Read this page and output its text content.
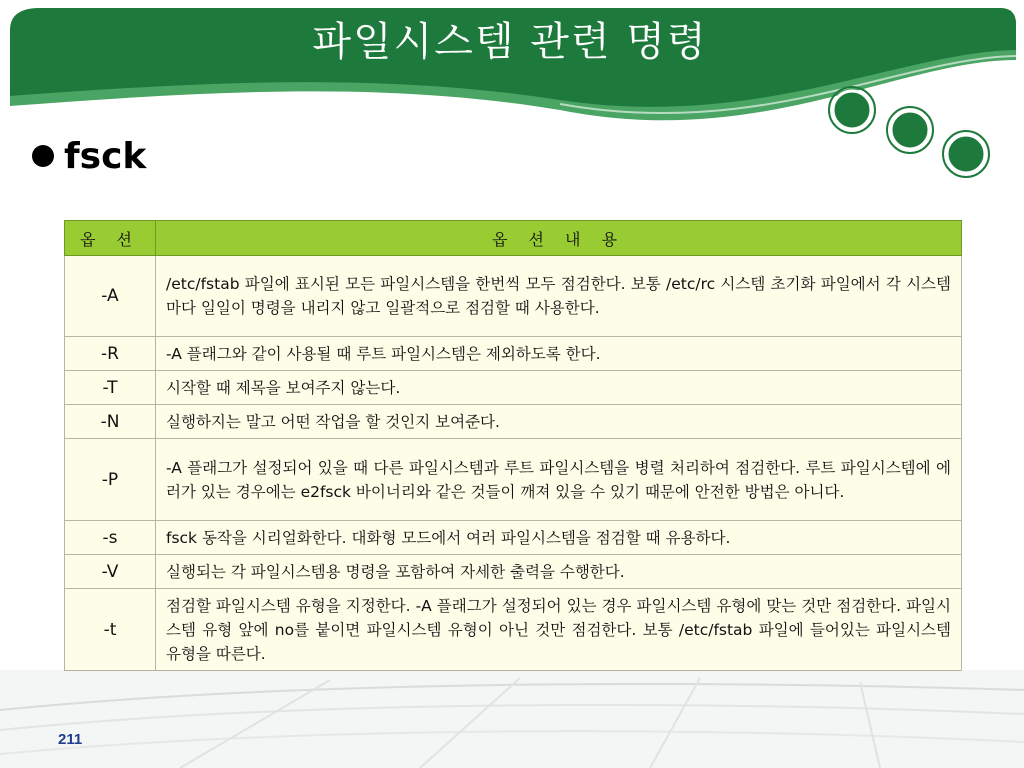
파일시스템 관련 명령
fsck
옵 션	옵 션 내 용
-A	/etc/fstab 파일에 표시된 모든 파일시스템을 한번씩 모두 점검한다. 보통 /etc/rc 시스템 초기화 파일에서 각 시스템마다 일일이 명령을 내리지 않고 일괄적으로 점검할 때 사용한다.
-R	-A 플래그와 같이 사용될 때 루트 파일시스템은 제외하도록 한다.
-T	시작할 때 제목을 보여주지 않는다.
-N	실행하지는 말고 어떤 작업을 할 것인지 보여준다.
-P	-A 플래그가 설정되어 있을 때 다른 파일시스템과 루트 파일시스템을 병렬 처리하여 점검한다. 루트 파일시스템에 에러가 있는 경우에는 e2fsck 바이너리와 같은 것들이 깨져 있을 수 있기 때문에 안전한 방법은 아니다.
-s	fsck 동작을 시리얼화한다. 대화형 모드에서 여러 파일시스템을 점검할 때 유용하다.
-V	실행되는 각 파일시스템용 명령을 포함하여 자세한 출력을 수행한다.
-t	점검할 파일시스템 유형을 지정한다. -A 플래그가 설정되어 있는 경우 파일시스템 유형에 맞는 것만 점검한다. 파일시스템 유형 앞에 no를 붙이면 파일시스템 유형이 아닌 것만 점검한다. 보통 /etc/fstab 파일에 들어있는 파일시스템 유형을 따른다.
211
